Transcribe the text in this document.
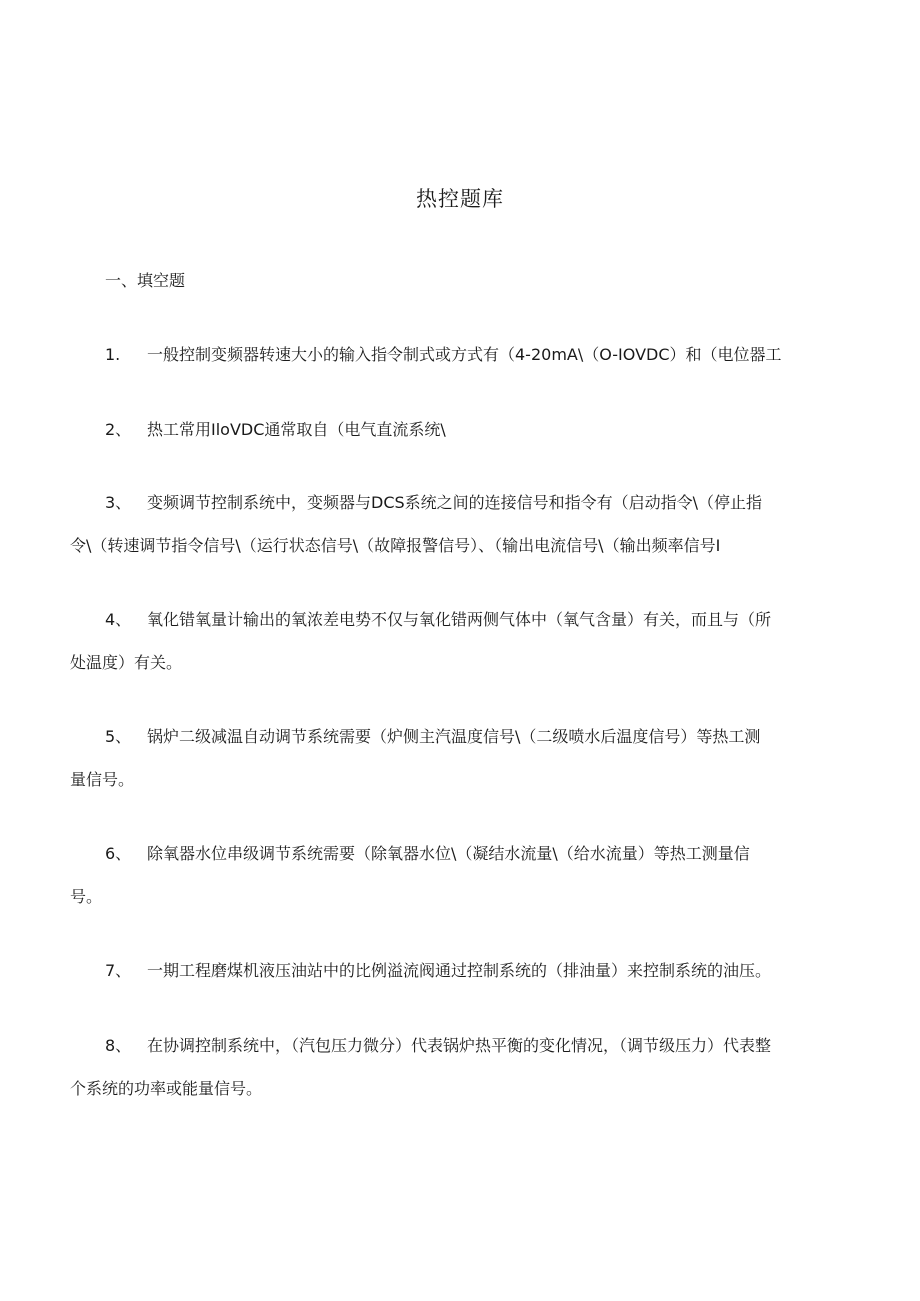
热控题库
一、填空题
1. 一般控制变频器转速大小的输入指令制式或方式有（4-20mA\（O-IOVDC）和（电位器工
2、 热工常用IloVDC通常取自（电气直流系统\
3、 变频调节控制系统中，变频器与DCS系统之间的连接信号和指令有（启动指令\（停止指
令\（转速调节指令信号\（运行状态信号\（故障报警信号）、（输出电流信号\（输出频率信号I
4、 氧化错氧量计输出的氧浓差电势不仅与氧化错两侧气体中（氧气含量）有关，而且与（所
处温度）有关。
5、 锅炉二级减温自动调节系统需要（炉侧主汽温度信号\（二级喷水后温度信号）等热工测
量信号。
6、 除氧器水位串级调节系统需要（除氧器水位\（凝结水流量\（给水流量）等热工测量信
号。
7、 一期工程磨煤机液压油站中的比例溢流阀通过控制系统的（排油量）来控制系统的油压。
8、 在协调控制系统中，（汽包压力微分）代表锅炉热平衡的变化情况，（调节级压力）代表整
个系统的功率或能量信号。
